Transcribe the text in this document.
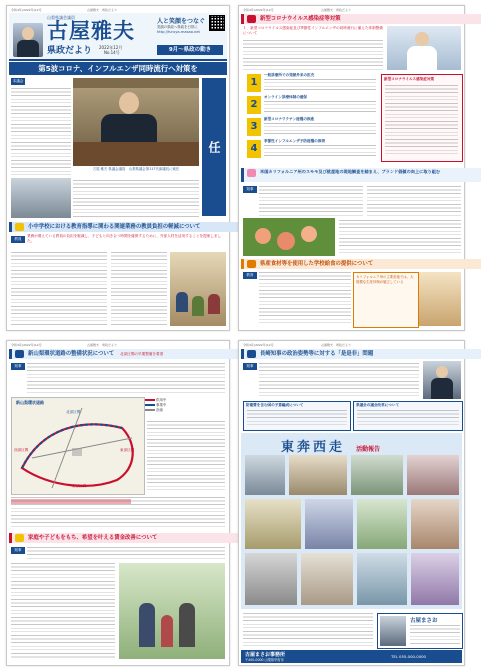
令和4年(2022年)12月	古屋雅夫　県政だより
山梨県議会議員
古屋雅夫
県政だより 2022年12月
No.14号
人と笑顔をつなぐ
笑顔の県政へ県政を日常に
http://furuya-masao.net
9月～県政の動き
第5波コロナ、インフルエンザ同時流行へ対策を
本議会
古屋 雅夫 県議会議員　山梨県議会第117代副議長に就任
任
小中学校における教育指導に関わる関連業務の教員負担の軽減について
教員
業務が増えている教員の負担を軽減し、子どもと向き合う時間を確保するために、外部人材を活用することを提案しました。
令和4年(2022年)12月	古屋雅夫　県政だより
新型コロナウイルス感染症等対策
１．新型コロナウイルス感染症及び季節性インフルエンザの同時流行に備えた体制整備について
1
一般診療所での発熱外来の拡充
2
オンライン診療体制の確保
3
新型コロナワクチン接種の推進
4
季節性インフルエンザ予防接種の推奨
新型コロナウイルス感染症対策
米国カリフォルニア州のスモモ及び桃産地の現地調査を踏まえ、ブランド価値の向上に取り組む
知事
県産食材等を使用した学校給食の提供について
教育	カリフォルニア州の主要産地では、大規模な生産体制が確立している
令和4年(2022年)12月	古屋雅夫　県政だより
新山梨環状道路の整備状況について 北部区間の早期整備を要望
知事
新山梨環状道路
北部区間
東部区間
南部区間
西部区間
供用中
事業中
計画
家庭や子どもをもち、希望を叶える賃金改善について
知事
令和4年(2022年)12月	古屋雅夫　県政だより
長崎知事の政治姿勢等に対する「是是非」問題
知事
防衛費を含む国の予算編成について	県議会の議会改革について
東奔西走 活動報告
古屋まさお
古屋まさお事務所
〒400-0000 山梨県甲府市
TEL 055-000-0000
